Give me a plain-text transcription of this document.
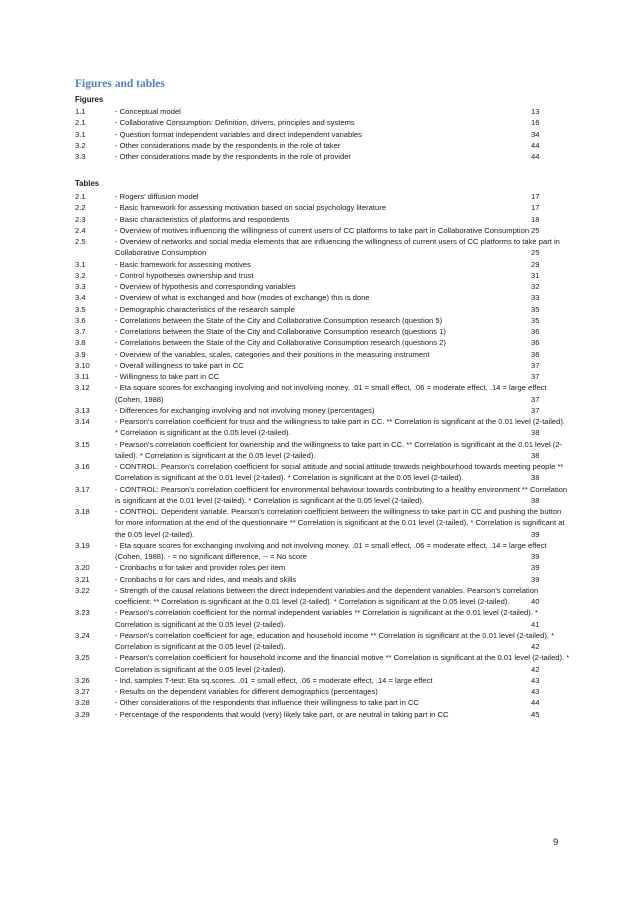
Figures and tables
Figures
1.1	- Conceptual model	13
2.1	- Collaborative Consumption: Definition, drivers, principles and systems	16
3.1	- Question format independent variables and direct independent variables	34
3.2	- Other considerations made by the respondents in the role of taker	44
3.3	- Other considerations made by the respondents in the role of provider	44
Tables
2.1	- Rogers' diffusion model	17
2.2	- Basic framework for assessing motivation based on social psychology literature	17
2.3	- Basic characteristics of platforms and respondents	18
2.4	- Overview of motives influencing the willingness of current users of CC platforms to take part in Collaborative Consumption 25
2.5	- Overview of networks and social media elements that are influencing the willingness of current users of CC platforms to take part in Collaborative Consumption	25
3.1	- Basic framework for assessing motives	29
3.2	- Control hypotheses ownership and trust	31
3.3	- Overview of hypothesis and corresponding variables	32
3.4	- Overview of what is exchanged and how (modes of exchange) this is done	33
3.5	- Demographic characteristics of the research sample	35
3.6	- Correlations between the State of the City and Collaborative Consumption research (question 5)	35
3.7	- Correlations between the State of the City and Collaborative Consumption research (questions 1)	36
3.8	- Correlations between the State of the City and Collaborative Consumption research (questions 2)	36
3.9	- Overview of the variables, scales, categories and their positions in the measuring instrument	36
3.10	- Overall willingness to take part in CC	37
3.11	- Willingness to take part in CC	37
3.12	- Eta square scores for exchanging involving and not involving money. .01 = small effect, .06 = moderate effect, .14 = large effect (Cohen, 1988)	37
3.13	- Differences for exchanging involving and not involving money (percentages)	37
3.14	- Pearson's correlation coefficient for trust and the willingness to take part in CC. ** Correlation is significant at the 0.01 level (2-tailed). * Correlation is significant at the 0.05 level (2-tailed).	38
3.15	- Pearson's correlation coefficient for ownership and the willingness to take part in CC. ** Correlation is significant at the 0.01 level (2-tailed). * Correlation is significant at the 0.05 level (2-tailed).	38
3.16	- CONTROL: Pearson's correlation coefficient for social attitude and social attitude towards neighbourhood towards meeting people ** Correlation is significant at the 0.01 level (2-tailed). * Correlation is significant at the 0.05 level (2-tailed).	38
3.17	- CONTROL: Pearson's correlation coefficient for environmental behaviour towards contributing to a healthy environment ** Correlation is significant at the 0.01 level (2-tailed). * Correlation is significant at the 0.05 level (2-tailed).	38
3.18	- CONTROL: Dependent variable. Pearson's correlation coefficient between the willingness to take part in CC and pushing the button for more information at the end of the questionnaire ** Correlation is significant at the 0.01 level (2-tailed). * Correlation is significant at the 0.05 level (2-tailed).	39
3.19	- Eta square scores for exchanging involving and not involving money. .01 = small effect, .06 = moderate effect, .14 = large effect (Cohen, 1988). - = no significant difference, -- = No score	39
3.20	- Cronbachs α for taker and provider roles per item	39
3.21	- Cronbachs α for cars and rides, and meals and skills	39
3.22	- Strength of the causal relations between the direct independent variables and the dependent variables. Pearson's correlation coefficient: ** Correlation is significant at the 0.01 level (2-tailed). * Correlation is significant at the 0.05 level (2-tailed).	40
3.23	- Pearson's correlation coefficient for the normal independent variables ** Correlation is significant at the 0.01 level (2-tailed). * Correlation is significant at the 0.05 level (2-tailed).	41
3.24	- Pearson's correlation coefficient for age, education and household income ** Correlation is significant at the 0.01 level (2-tailed). * Correlation is significant at the 0.05 level (2-tailed).	42
3.25	- Pearson's correlation coefficient for household income and the financial motive ** Correlation is significant at the 0.01 level (2-tailed). * Correlation is significant at the 0.05 level (2-tailed).	42
3.26	- Ind. samples T-test: Eta sq.scores. .01 = small effect, .06 = moderate effect, .14 = large effect	43
3.27	- Results on the dependent variables for different demographics (percentages)	43
3.28	- Other considerations of the respondents that influence their willingness to take part in CC	44
3.29	- Percentage of the respondents that would (very) likely take part, or are neutral in taking part in CC	45
9
